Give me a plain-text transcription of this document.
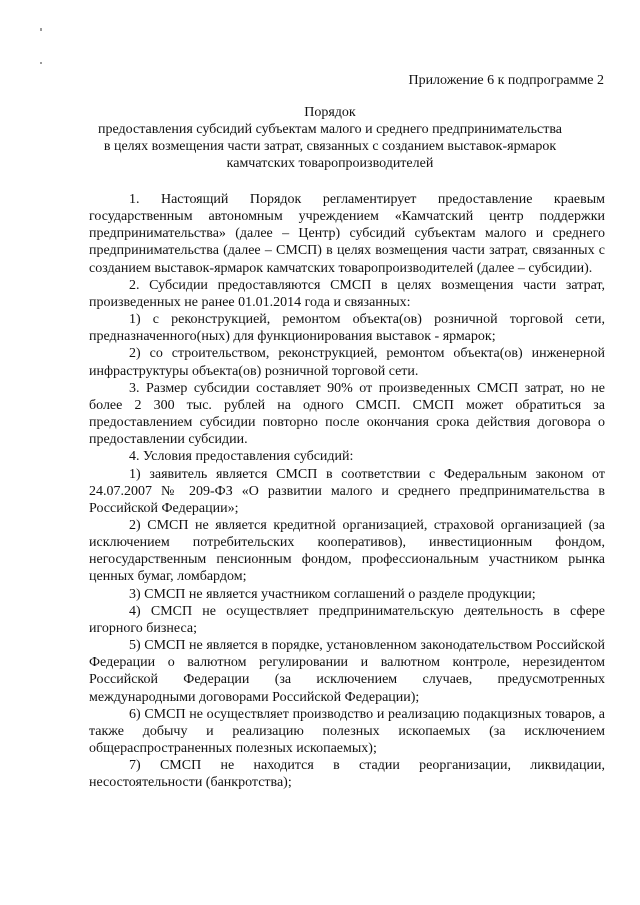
Приложение 6 к подпрограмме 2
Порядок
предоставления субсидий субъектам малого и среднего предпринимательства
в целях возмещения части затрат, связанных с созданием выставок-ярмарок
камчатских товаропроизводителей

1. Настоящий Порядок регламентирует предоставление краевым государственным автономным учреждением «Камчатский центр поддержки предпринимательства» (далее – Центр) субсидий субъектам малого и среднего предпринимательства (далее – СМСП) в целях возмещения части затрат, связанных с созданием выставок-ярмарок камчатских товаропроизводителей (далее – субсидии).

2. Субсидии предоставляются СМСП в целях возмещения части затрат, произведенных не ранее 01.01.2014 года и связанных:

1) с реконструкцией, ремонтом объекта(ов) розничной торговой сети, предназначенного(ных) для функционирования выставок - ярмарок;

2) со строительством, реконструкцией, ремонтом объекта(ов) инженерной инфраструктуры объекта(ов) розничной торговой сети.

3. Размер субсидии составляет 90% от произведенных СМСП затрат, но не более 2 300 тыс. рублей на одного СМСП. СМСП может обратиться за предоставлением субсидии повторно после окончания срока действия договора о предоставлении субсидии.

4. Условия предоставления субсидий:

1) заявитель является СМСП в соответствии с Федеральным законом от 24.07.2007 № 209-ФЗ «О развитии малого и среднего предпринимательства в Российской Федерации»;

2) СМСП не является кредитной организацией, страховой организацией (за исключением потребительских кооперативов), инвестиционным фондом, негосударственным пенсионным фондом, профессиональным участником рынка ценных бумаг, ломбардом;

3) СМСП не является участником соглашений о разделе продукции;

4) СМСП не осуществляет предпринимательскую деятельность в сфере игорного бизнеса;

5) СМСП не является в порядке, установленном законодательством Российской Федерации о валютном регулировании и валютном контроле, нерезидентом Российской Федерации (за исключением случаев, предусмотренных международными договорами Российской Федерации);

6) СМСП не осуществляет производство и реализацию подакцизных товаров, а также добычу и реализацию полезных ископаемых (за исключением общераспространенных полезных ископаемых);

7) СМСП не находится в стадии реорганизации, ликвидации, несостоятельности (банкротства);
